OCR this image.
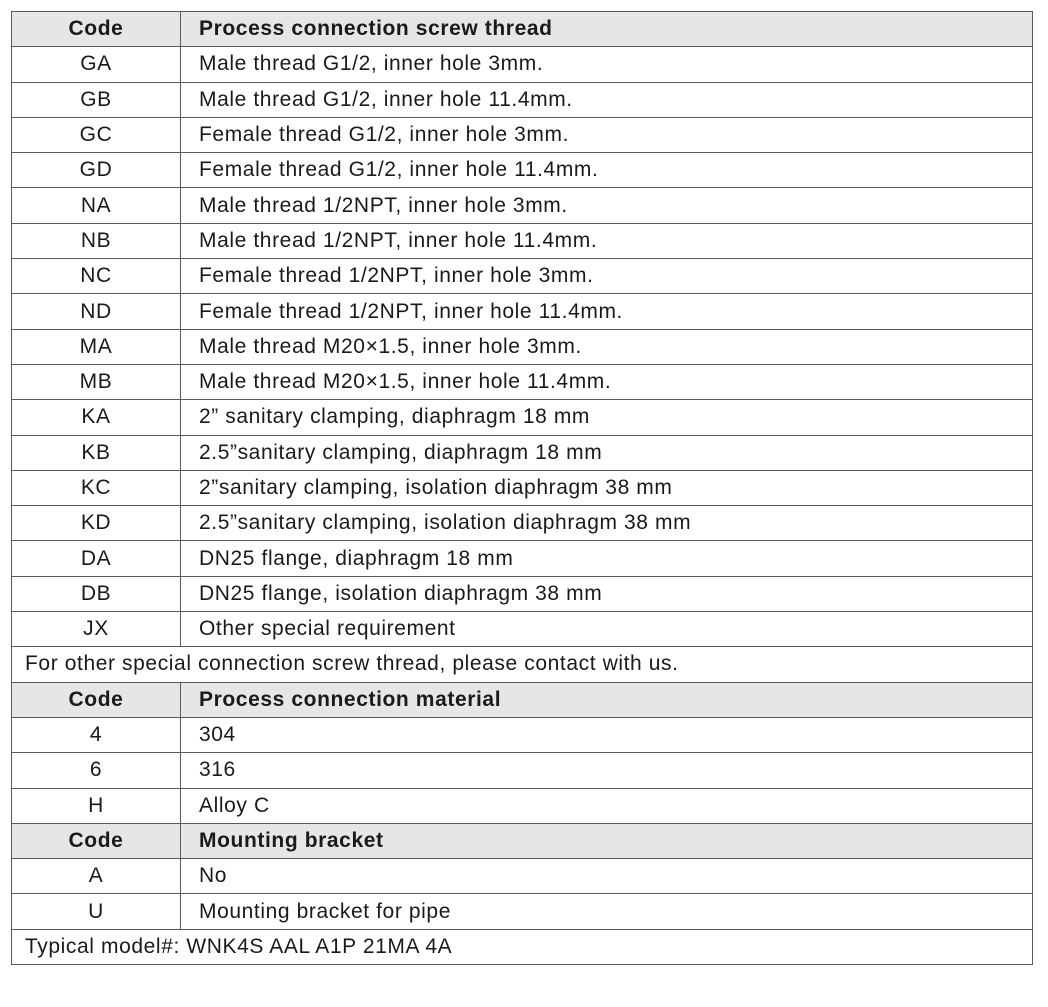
Code	Process connection screw thread
GA	Male thread G1/2, inner hole 3mm.
GB	Male thread G1/2, inner hole 11.4mm.
GC	Female thread G1/2, inner hole 3mm.
GD	Female thread G1/2, inner hole 11.4mm.
NA	Male thread 1/2NPT, inner hole 3mm.
NB	Male thread 1/2NPT, inner hole 11.4mm.
NC	Female thread 1/2NPT, inner hole 3mm.
ND	Female thread 1/2NPT, inner hole 11.4mm.
MA	Male thread M20×1.5, inner hole 3mm.
MB	Male thread M20×1.5, inner hole 11.4mm.
KA	2” sanitary clamping, diaphragm 18 mm
KB	2.5”sanitary clamping, diaphragm 18 mm
KC	2”sanitary clamping, isolation diaphragm 38 mm
KD	2.5”sanitary clamping, isolation diaphragm 38 mm
DA	DN25 flange, diaphragm 18 mm
DB	DN25 flange, isolation diaphragm 38 mm
JX	Other special requirement
For other special connection screw thread, please contact with us.	
Code	Process connection material
4	304
6	316
H	Alloy C
Code	Mounting bracket
A	No
U	Mounting bracket for pipe
Typical model#: WNK4S AAL A1P 21MA 4A	
